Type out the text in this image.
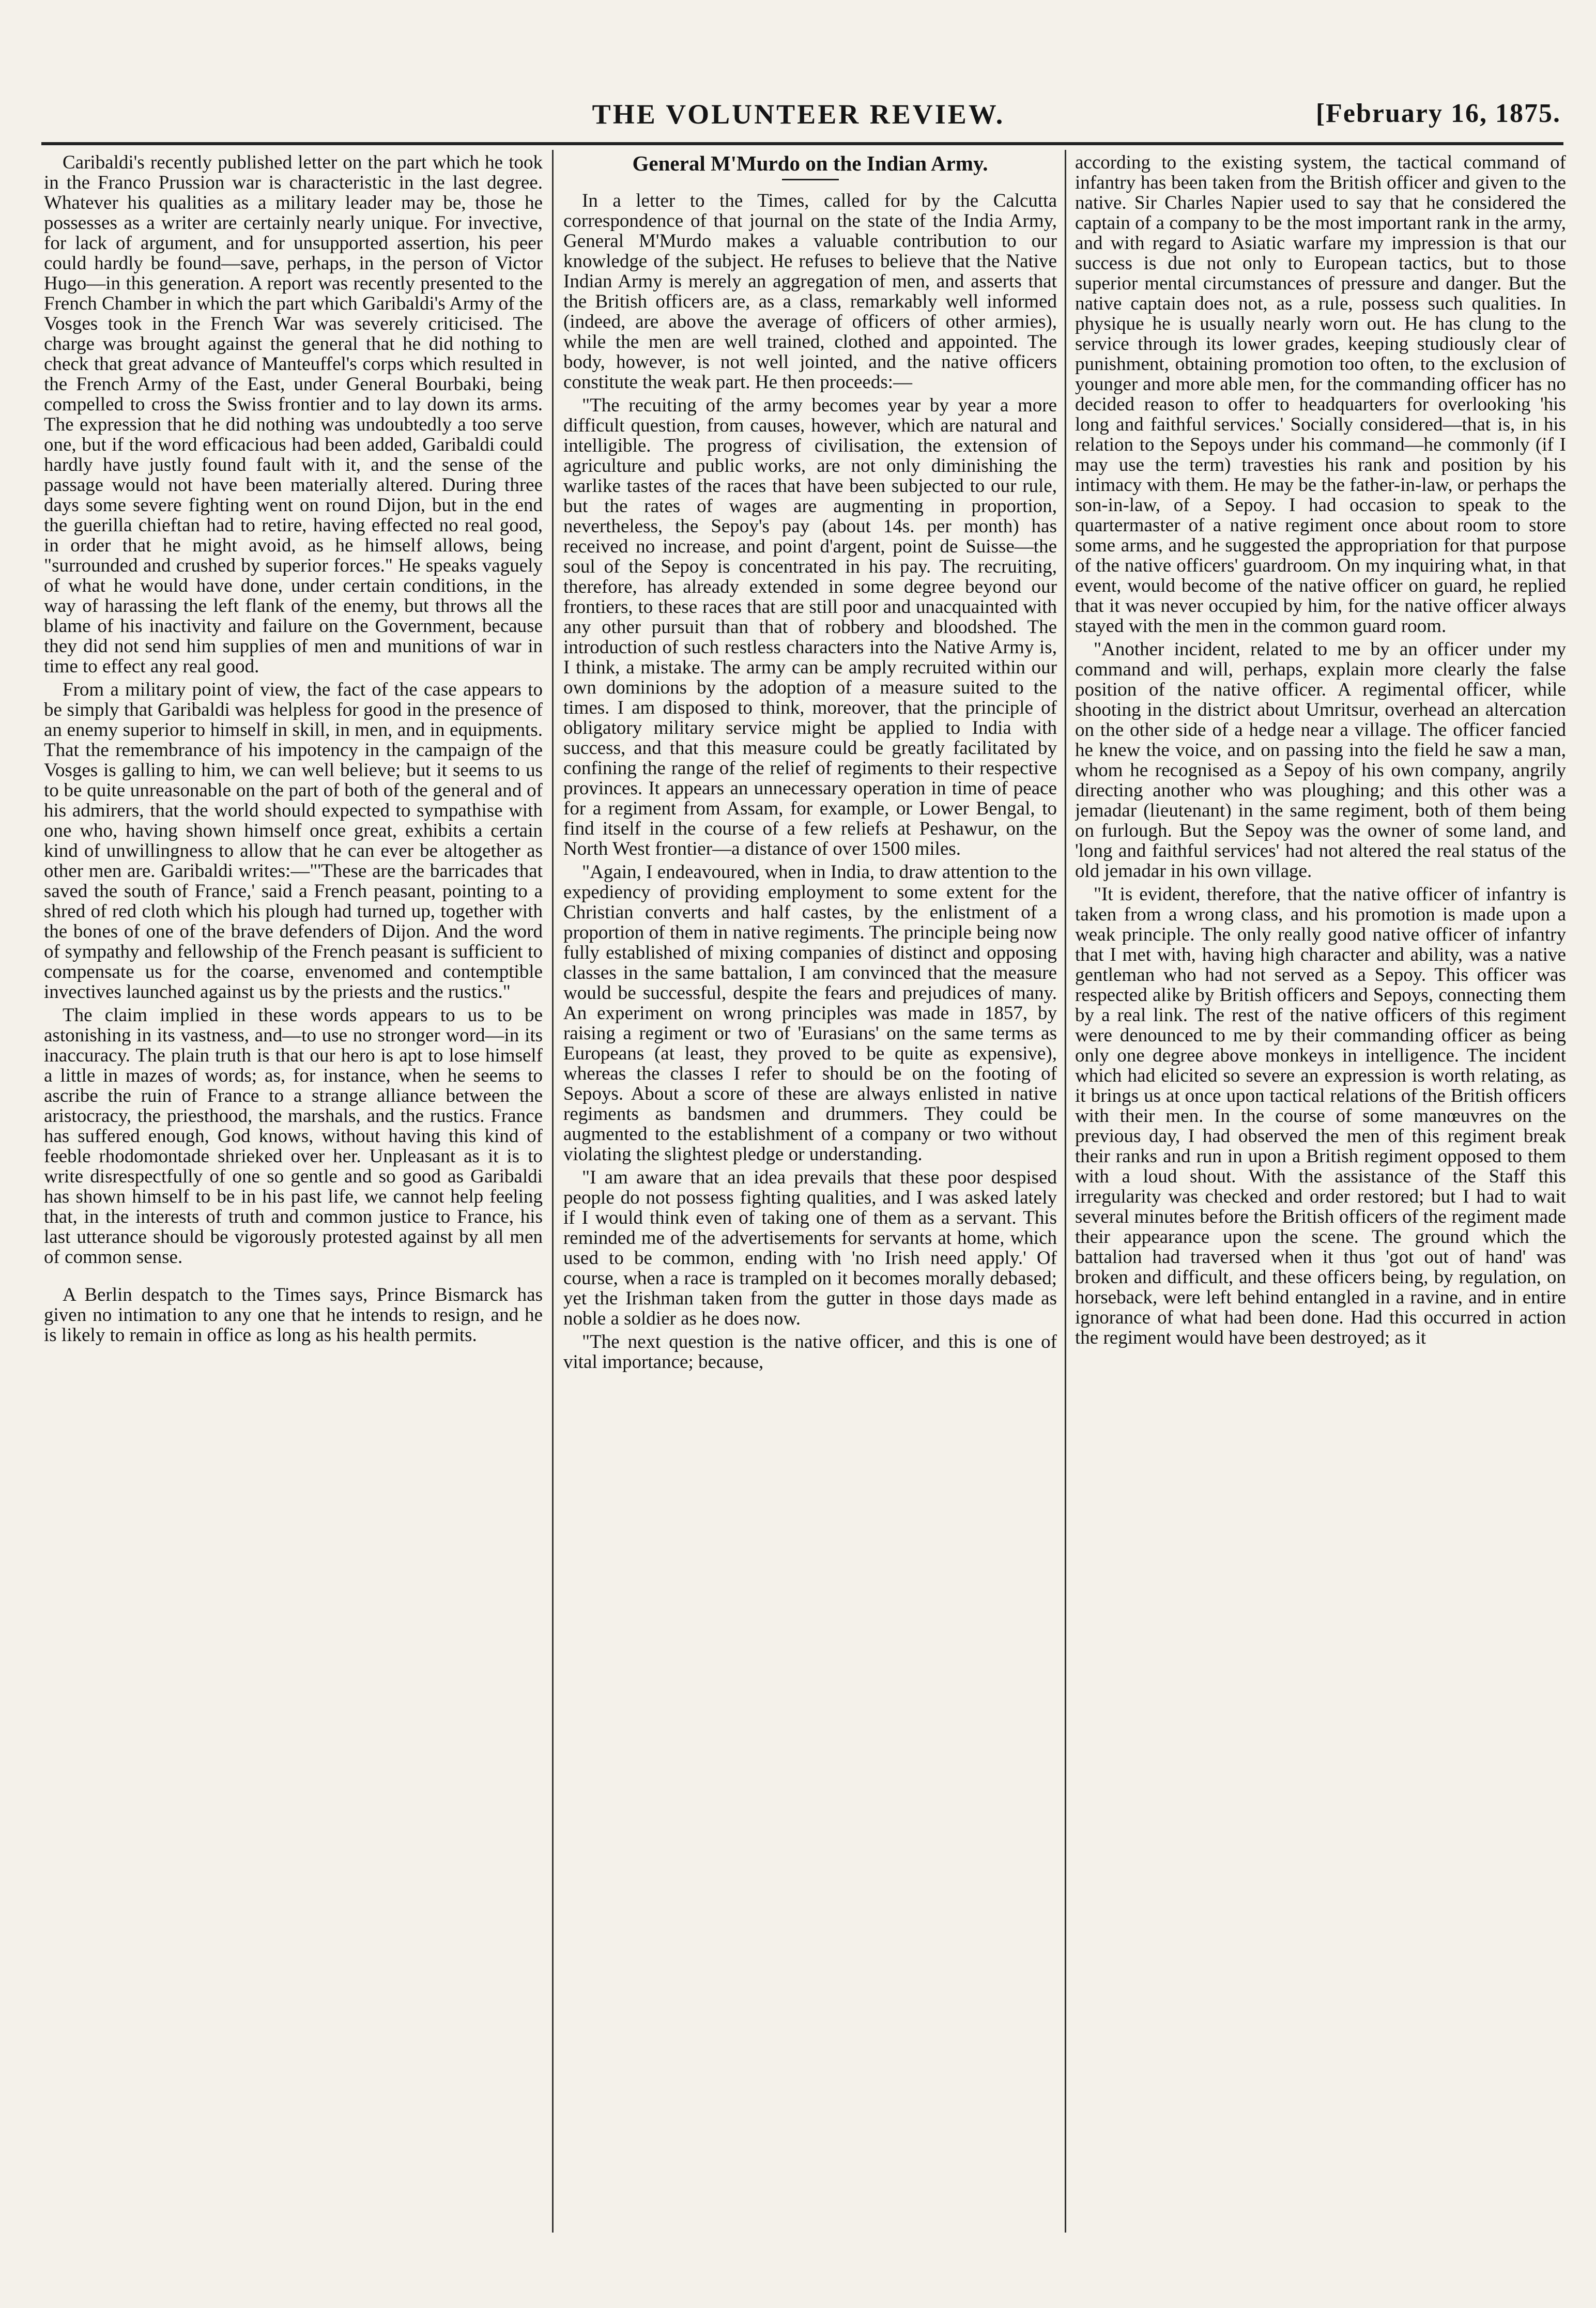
THE VOLUNTEER REVIEW.	[February 16, 1875.

Caribaldi's recently published letter on the part which he took in the Franco Prussion war is characteristic in the last degree. Whatever his qualities as a military leader may be, those he possesses as a writer are certainly nearly unique. For invective, for lack of argument, and for unsupported assertion, his peer could hardly be found—save, perhaps, in the person of Victor Hugo—in this generation. A report was recently presented to the French Chamber in which the part which Garibaldi's Army of the Vosges took in the French War was severely criticised. The charge was brought against the general that he did nothing to check that great advance of Manteuffel's corps which resulted in the French Army of the East, under General Bourbaki, being compelled to cross the Swiss frontier and to lay down its arms. The expression that he did nothing was undoubtedly a too serve one, but if the word efficacious had been added, Garibaldi could hardly have justly found fault with it, and the sense of the passage would not have been materially altered. During three days some severe fighting went on round Dijon, but in the end the guerilla chieftan had to retire, having effected no real good, in order that he might avoid, as he himself allows, being "surrounded and crushed by superior forces." He speaks vaguely of what he would have done, under certain conditions, in the way of harassing the left flank of the enemy, but throws all the blame of his inactivity and failure on the Government, because they did not send him supplies of men and munitions of war in time to effect any real good.

From a military point of view, the fact of the case appears to be simply that Garibaldi was helpless for good in the presence of an enemy superior to himself in skill, in men, and in equipments. That the remembrance of his impotency in the campaign of the Vosges is galling to him, we can well believe; but it seems to us to be quite unreasonable on the part of both of the general and of his admirers, that the world should expected to sympathise with one who, having shown himself once great, exhibits a certain kind of unwillingness to allow that he can ever be altogether as other men are. Garibaldi writes:—"'These are the barricades that saved the south of France,' said a French peasant, pointing to a shred of red cloth which his plough had turned up, together with the bones of one of the brave defenders of Dijon. And the word of sympathy and fellowship of the French peasant is sufficient to compensate us for the coarse, envenomed and contemptible invectives launched against us by the priests and the rustics."

The claim implied in these words appears to us to be astonishing in its vastness, and—to use no stronger word—in its inaccuracy. The plain truth is that our hero is apt to lose himself a little in mazes of words; as, for instance, when he seems to ascribe the ruin of France to a strange alliance between the aristocracy, the priesthood, the marshals, and the rustics. France has suffered enough, God knows, without having this kind of feeble rhodomontade shrieked over her. Unpleasant as it is to write disrespectfully of one so gentle and so good as Garibaldi has shown himself to be in his past life, we cannot help feeling that, in the interests of truth and common justice to France, his last utterance should be vigorously protested against by all men of common sense.

A Berlin despatch to the Times says, Prince Bismarck has given no intimation to any one that he intends to resign, and he is likely to remain in office as long as his health permits.

General M'Murdo on the Indian Army.

In a letter to the Times, called for by the Calcutta correspondence of that journal on the state of the India Army, General M'Murdo makes a valuable contribution to our knowledge of the subject. He refuses to believe that the Native Indian Army is merely an aggregation of men, and asserts that the British officers are, as a class, remarkably well informed (indeed, are above the average of officers of other armies), while the men are well trained, clothed and appointed. The body, however, is not well jointed, and the native officers constitute the weak part. He then proceeds:—

"The recuiting of the army becomes year by year a more difficult question, from causes, however, which are natural and intelligible. The progress of civilisation, the extension of agriculture and public works, are not only diminishing the warlike tastes of the races that have been subjected to our rule, but the rates of wages are augmenting in proportion, nevertheless, the Sepoy's pay (about 14s. per month) has received no increase, and point d'argent, point de Suisse—the soul of the Sepoy is concentrated in his pay. The recruiting, therefore, has already extended in some degree beyond our frontiers, to these races that are still poor and unacquainted with any other pursuit than that of robbery and bloodshed. The introduction of such restless characters into the Native Army is, I think, a mistake. The army can be amply recruited within our own dominions by the adoption of a measure suited to the times. I am disposed to think, moreover, that the principle of obligatory military service might be applied to India with success, and that this measure could be greatly facilitated by confining the range of the relief of regiments to their respective provinces. It appears an unnecessary operation in time of peace for a regiment from Assam, for example, or Lower Bengal, to find itself in the course of a few reliefs at Peshawur, on the North West frontier—a distance of over 1500 miles.

"Again, I endeavoured, when in India, to draw attention to the expediency of providing employment to some extent for the Christian converts and half castes, by the enlistment of a proportion of them in native regiments. The principle being now fully established of mixing companies of distinct and opposing classes in the same battalion, I am convinced that the measure would be successful, despite the fears and prejudices of many. An experiment on wrong principles was made in 1857, by raising a regiment or two of 'Eurasians' on the same terms as Europeans (at least, they proved to be quite as expensive), whereas the classes I refer to should be on the footing of Sepoys. About a score of these are always enlisted in native regiments as bandsmen and drummers. They could be augmented to the establishment of a company or two without violating the slightest pledge or understanding.

"I am aware that an idea prevails that these poor despised people do not possess fighting qualities, and I was asked lately if I would think even of taking one of them as a servant. This reminded me of the advertisements for servants at home, which used to be common, ending with 'no Irish need apply.' Of course, when a race is trampled on it becomes morally debased; yet the Irishman taken from the gutter in those days made as noble a soldier as he does now.

"The next question is the native officer, and this is one of vital importance; because,

according to the existing system, the tactical command of infantry has been taken from the British officer and given to the native. Sir Charles Napier used to say that he considered the captain of a company to be the most important rank in the army, and with regard to Asiatic warfare my impression is that our success is due not only to European tactics, but to those superior mental circumstances of pressure and danger. But the native captain does not, as a rule, possess such qualities. In physique he is usually nearly worn out. He has clung to the service through its lower grades, keeping studiously clear of punishment, obtaining promotion too often, to the exclusion of younger and more able men, for the commanding officer has no decided reason to offer to headquarters for overlooking 'his long and faithful services.' Socially considered—that is, in his relation to the Sepoys under his command—he commonly (if I may use the term) travesties his rank and position by his intimacy with them. He may be the father-in-law, or perhaps the son-in-law, of a Sepoy. I had occasion to speak to the quartermaster of a native regiment once about room to store some arms, and he suggested the appropriation for that purpose of the native officers' guardroom. On my inquiring what, in that event, would become of the native officer on guard, he replied that it was never occupied by him, for the native officer always stayed with the men in the common guard room.

"Another incident, related to me by an officer under my command and will, perhaps, explain more clearly the false position of the native officer. A regimental officer, while shooting in the district about Umritsur, overhead an altercation on the other side of a hedge near a village. The officer fancied he knew the voice, and on passing into the field he saw a man, whom he recognised as a Sepoy of his own company, angrily directing another who was ploughing; and this other was a jemadar (lieutenant) in the same regiment, both of them being on furlough. But the Sepoy was the owner of some land, and 'long and faithful services' had not altered the real status of the old jemadar in his own village.

"It is evident, therefore, that the native officer of infantry is taken from a wrong class, and his promotion is made upon a weak principle. The only really good native officer of infantry that I met with, having high character and ability, was a native gentleman who had not served as a Sepoy. This officer was respected alike by British officers and Sepoys, connecting them by a real link. The rest of the native officers of this regiment were denounced to me by their commanding officer as being only one degree above monkeys in intelligence. The incident which had elicited so severe an expression is worth relating, as it brings us at once upon tactical relations of the British officers with their men. In the course of some manœuvres on the previous day, I had observed the men of this regiment break their ranks and run in upon a British regiment opposed to them with a loud shout. With the assistance of the Staff this irregularity was checked and order restored; but I had to wait several minutes before the British officers of the regiment made their appearance upon the scene. The ground which the battalion had traversed when it thus 'got out of hand' was broken and difficult, and these officers being, by regulation, on horseback, were left behind entangled in a ravine, and in entire ignorance of what had been done. Had this occurred in action the regiment would have been destroyed; as it
